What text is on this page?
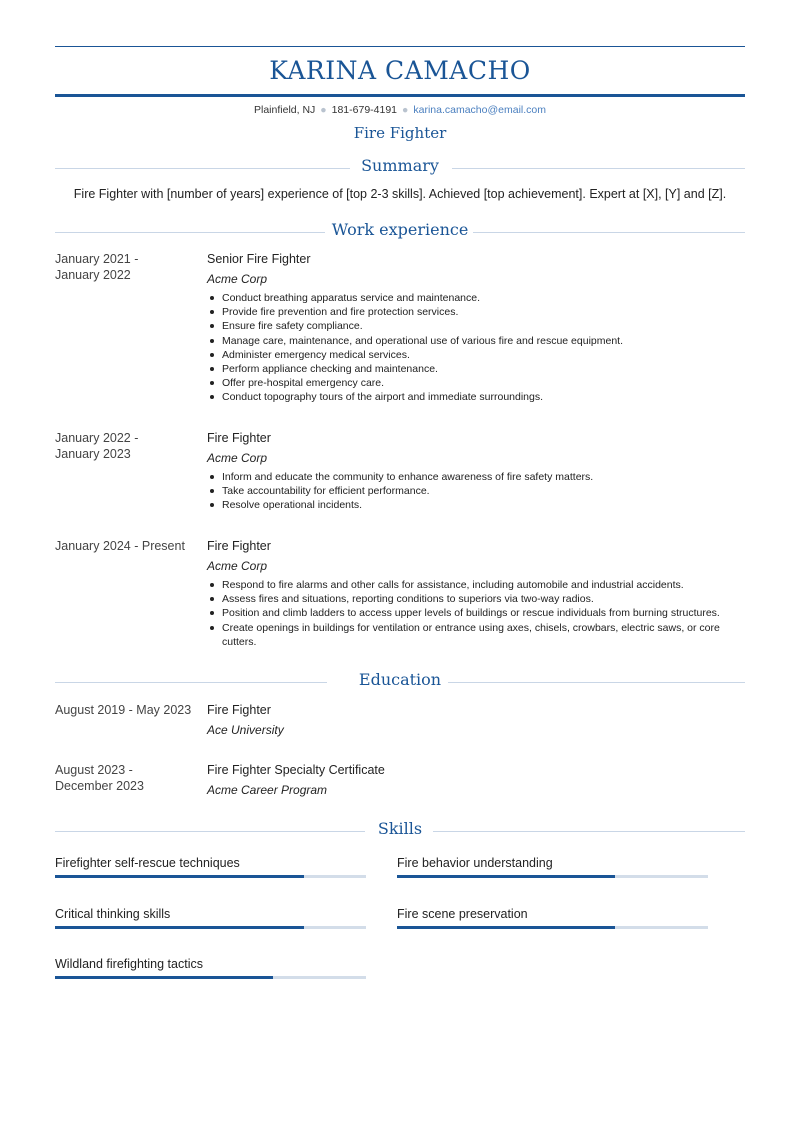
KARINA CAMACHO
Plainfield, NJ ● 181-679-4191 ● karina.camacho@email.com
Fire Fighter
Summary
Fire Fighter with [number of years] experience of [top 2-3 skills]. Achieved [top achievement]. Expert at [X], [Y] and [Z].
Work experience
January 2021 -
January 2022
Senior Fire Fighter
Acme Corp
Conduct breathing apparatus service and maintenance.
Provide fire prevention and fire protection services.
Ensure fire safety compliance.
Manage care, maintenance, and operational use of various fire and rescue equipment.
Administer emergency medical services.
Perform appliance checking and maintenance.
Offer pre-hospital emergency care.
Conduct topography tours of the airport and immediate surroundings.
January 2022 -
January 2023
Fire Fighter
Acme Corp
Inform and educate the community to enhance awareness of fire safety matters.
Take accountability for efficient performance.
Resolve operational incidents.
January 2024 - Present	Fire Fighter
Acme Corp
Respond to fire alarms and other calls for assistance, including automobile and industrial accidents.
Assess fires and situations, reporting conditions to superiors via two-way radios.
Position and climb ladders to access upper levels of buildings or rescue individuals from burning structures.
Create openings in buildings for ventilation or entrance using axes, chisels, crowbars, electric saws, or core cutters.
Education
August 2019 - May 2023	Fire Fighter
Ace University
August 2023 -
December 2023
Fire Fighter Specialty Certificate
Acme Career Program
Skills
Firefighter self-rescue techniques	Fire behavior understanding
Critical thinking skills	Fire scene preservation
Wildland firefighting tactics
